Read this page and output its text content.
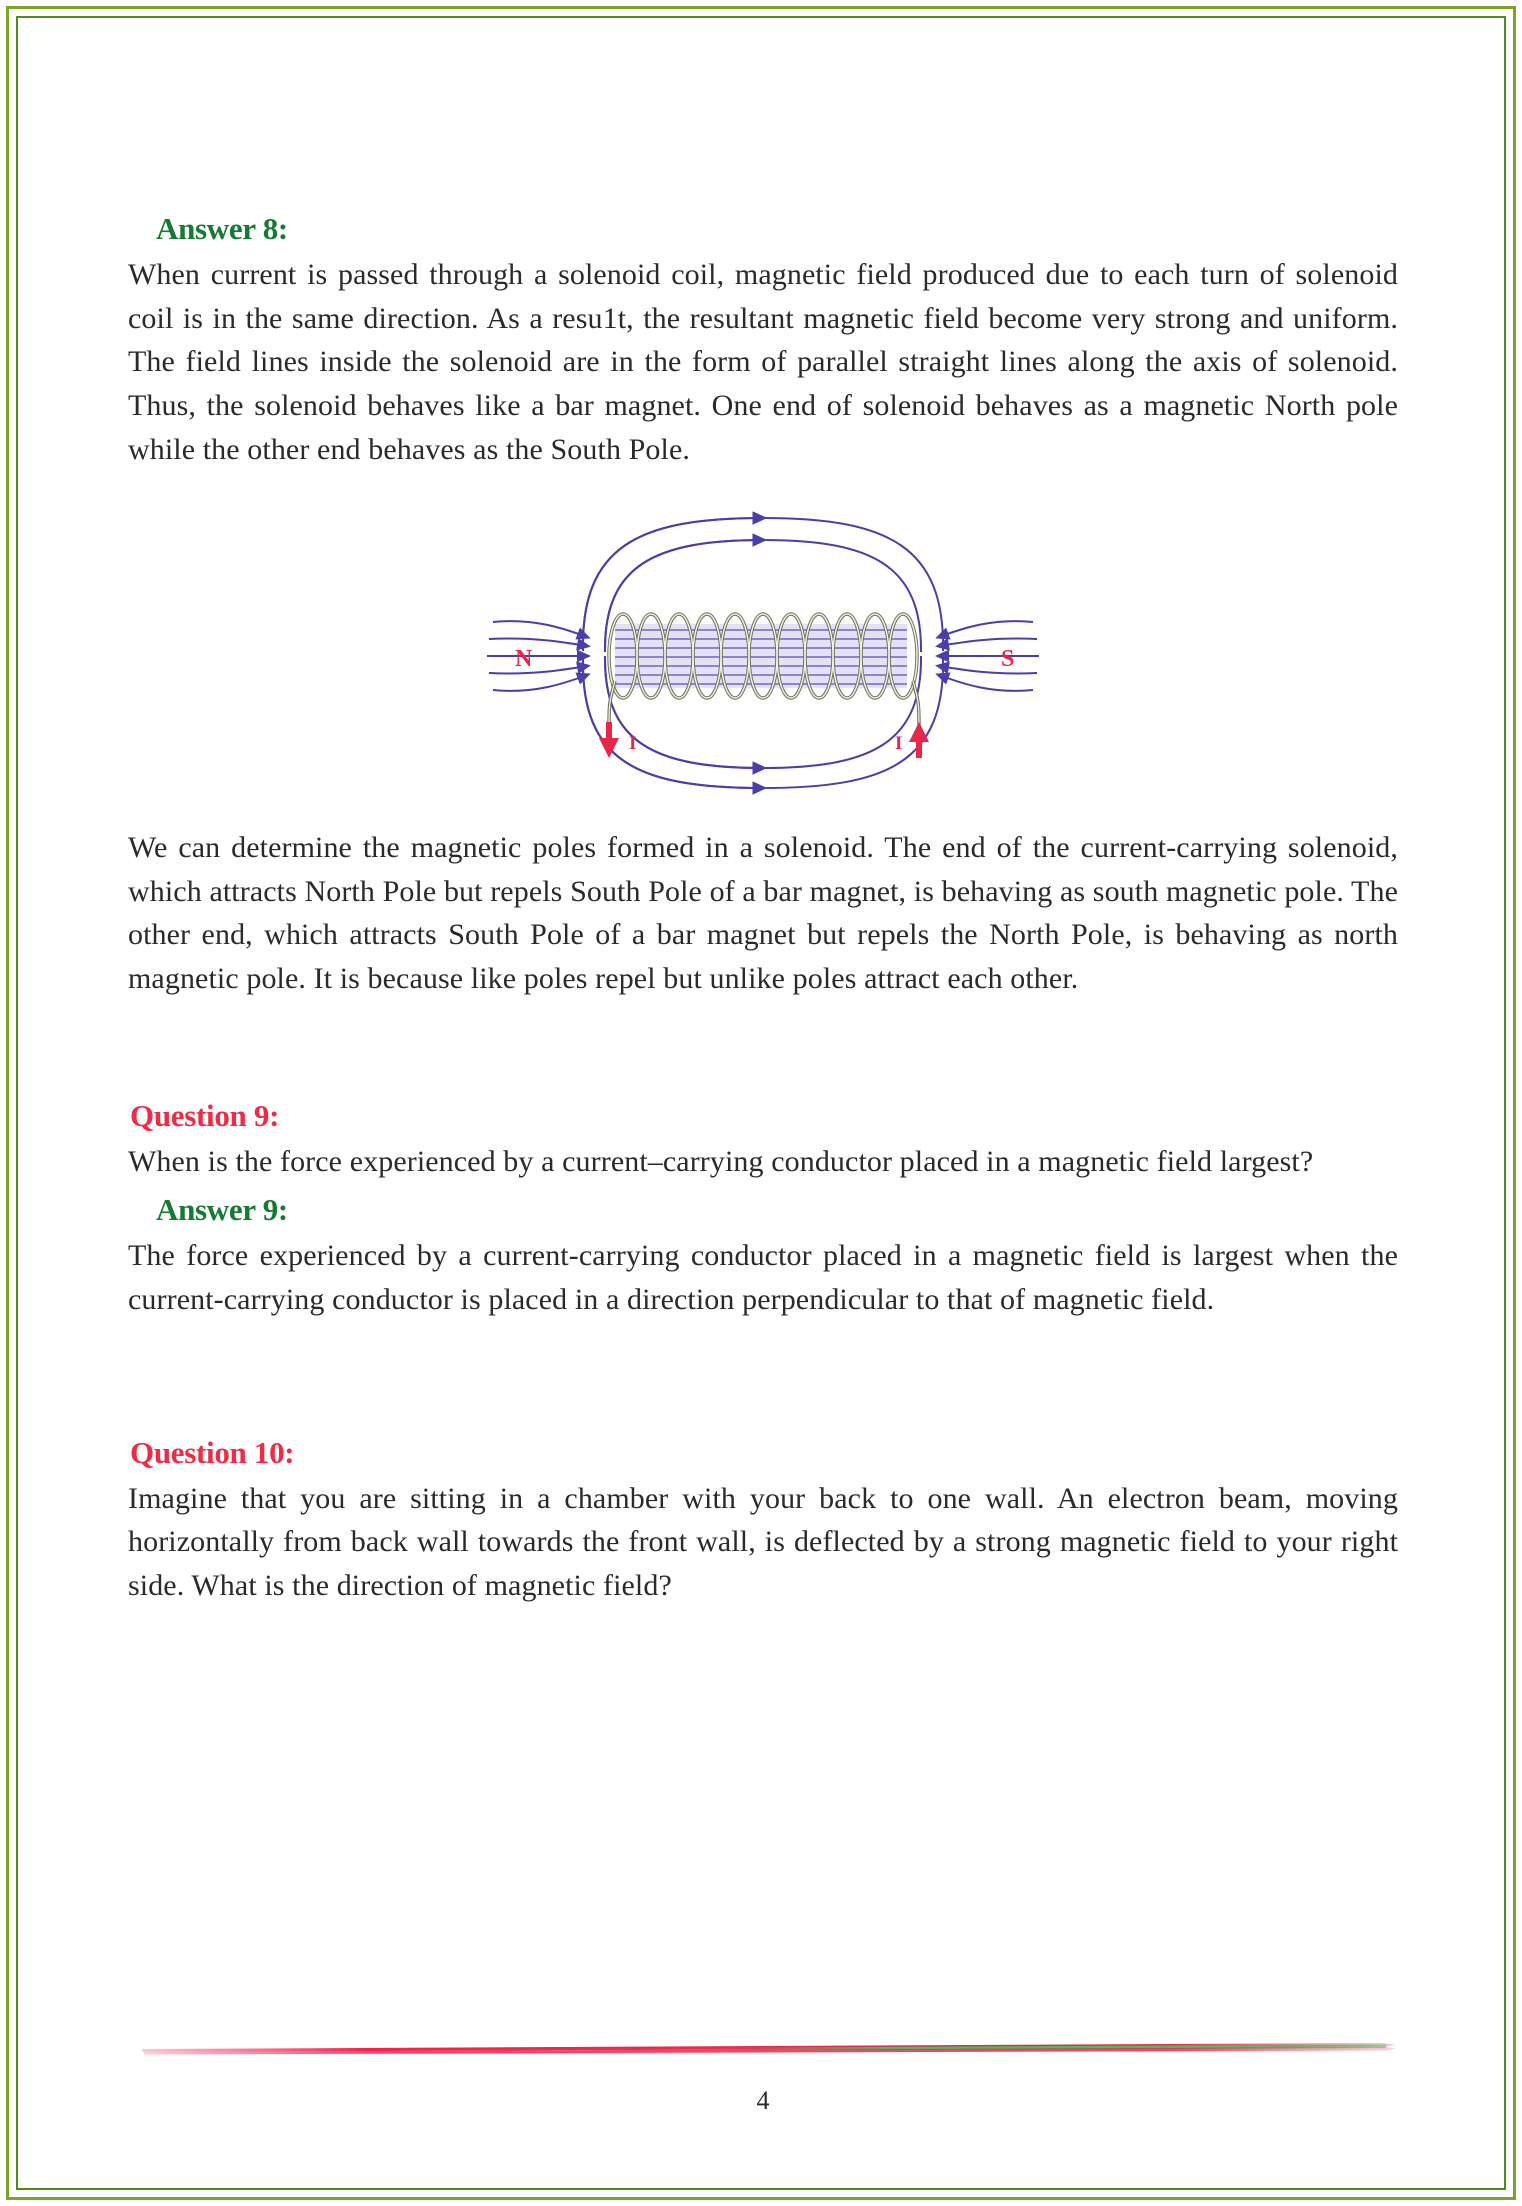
Answer 8:

When current is passed through a solenoid coil, magnetic field produced due to each turn of solenoid coil is in the same direction. As a resu1t, the resultant magnetic field become very strong and uniform. The field lines inside the solenoid are in the form of parallel straight lines along the axis of solenoid. Thus, the solenoid behaves like a bar magnet. One end of solenoid behaves as a magnetic North pole while the other end behaves as the South Pole.

I	I
N	S

We can determine the magnetic poles formed in a solenoid. The end of the current-carrying solenoid, which attracts North Pole but repels South Pole of a bar magnet, is behaving as south magnetic pole. The other end, which attracts South Pole of a bar magnet but repels the North Pole, is behaving as north magnetic pole. It is because like poles repel but unlike poles attract each other.

Question 9:

When is the force experienced by a current–carrying conductor placed in a magnetic field largest?

Answer 9:

The force experienced by a current-carrying conductor placed in a magnetic field is largest when the current-carrying conductor is placed in a direction perpendicular to that of magnetic field.

Question 10:

Imagine that you are sitting in a chamber with your back to one wall. An electron beam, moving horizontally from back wall towards the front wall, is deflected by a strong magnetic field to your right side. What is the direction of magnetic field?

4
